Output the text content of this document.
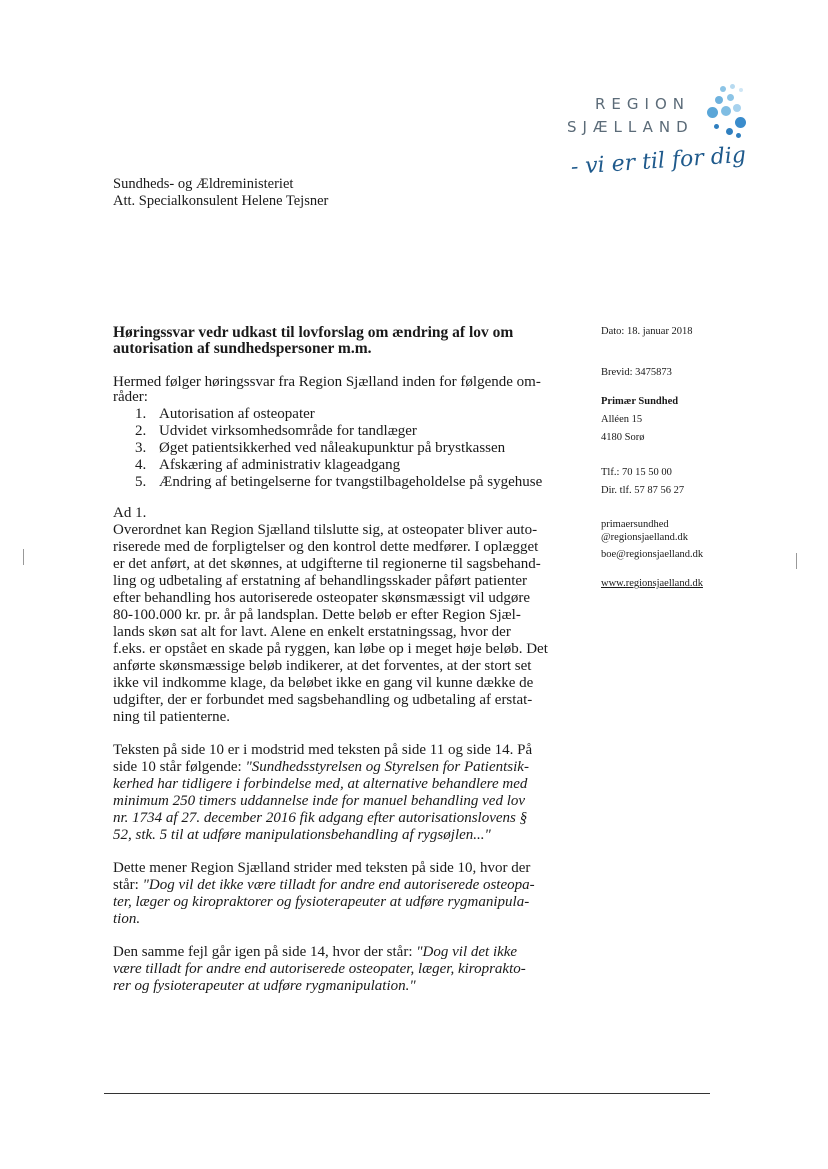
REGION
SJÆLLAND
- vi er til for dig
Sundheds- og Ældreministeriet
Att. Specialkonsulent Helene Tejsner
Dato: 18. januar 2018
Brevid: 3475873
Primær Sundhed
Alléen 15
4180 Sorø
Tlf.: 70 15 50 00
Dir. tlf. 57 87 56 27
primaersundhed
@regionsjaelland.dk
boe@regionsjaelland.dk
www.regionsjaelland.dk
Høringssvar vedr udkast til lovforslag om ændring af lov om
autorisation af sundhedspersoner m.m.
Hermed følger høringssvar fra Region Sjælland inden for følgende om-
råder:
1. Autorisation af osteopater
2. Udvidet virksomhedsområde for tandlæger
3. Øget patientsikkerhed ved nåleakupunktur på brystkassen
4. Afskæring af administrativ klageadgang
5. Ændring af betingelserne for tvangstilbageholdelse på sygehuse
Ad 1.
Overordnet kan Region Sjælland tilslutte sig, at osteopater bliver auto-
riserede med de forpligtelser og den kontrol dette medfører. I oplægget
er det anført, at det skønnes, at udgifterne til regionerne til sagsbehand-
ling og udbetaling af erstatning af behandlingsskader påført patienter
efter behandling hos autoriserede osteopater skønsmæssigt vil udgøre
80-100.000 kr. pr. år på landsplan. Dette beløb er efter Region Sjæl-
lands skøn sat alt for lavt. Alene en enkelt erstatningssag, hvor der
f.eks. er opstået en skade på ryggen, kan løbe op i meget høje beløb. Det
anførte skønsmæssige beløb indikerer, at det forventes, at der stort set
ikke vil indkomme klage, da beløbet ikke en gang vil kunne dække de
udgifter, der er forbundet med sagsbehandling og udbetaling af erstat-
ning til patienterne.
Teksten på side 10 er i modstrid med teksten på side 11 og side 14. På
side 10 står følgende: "Sundhedsstyrelsen og Styrelsen for Patientsik-
kerhed har tidligere i forbindelse med, at alternative behandlere med
minimum 250 timers uddannelse inde for manuel behandling ved lov
nr. 1734 af 27. december 2016 fik adgang efter autorisationslovens §
52, stk. 5 til at udføre manipulationsbehandling af rygsøjlen..."
Dette mener Region Sjælland strider med teksten på side 10, hvor der
står: "Dog vil det ikke være tilladt for andre end autoriserede osteopa-
ter, læger og kiropraktorer og fysioterapeuter at udføre rygmanipula-
tion.
Den samme fejl går igen på side 14, hvor der står: "Dog vil det ikke
være tilladt for andre end autoriserede osteopater, læger, kiroprakto-
rer og fysioterapeuter at udføre rygmanipulation."
